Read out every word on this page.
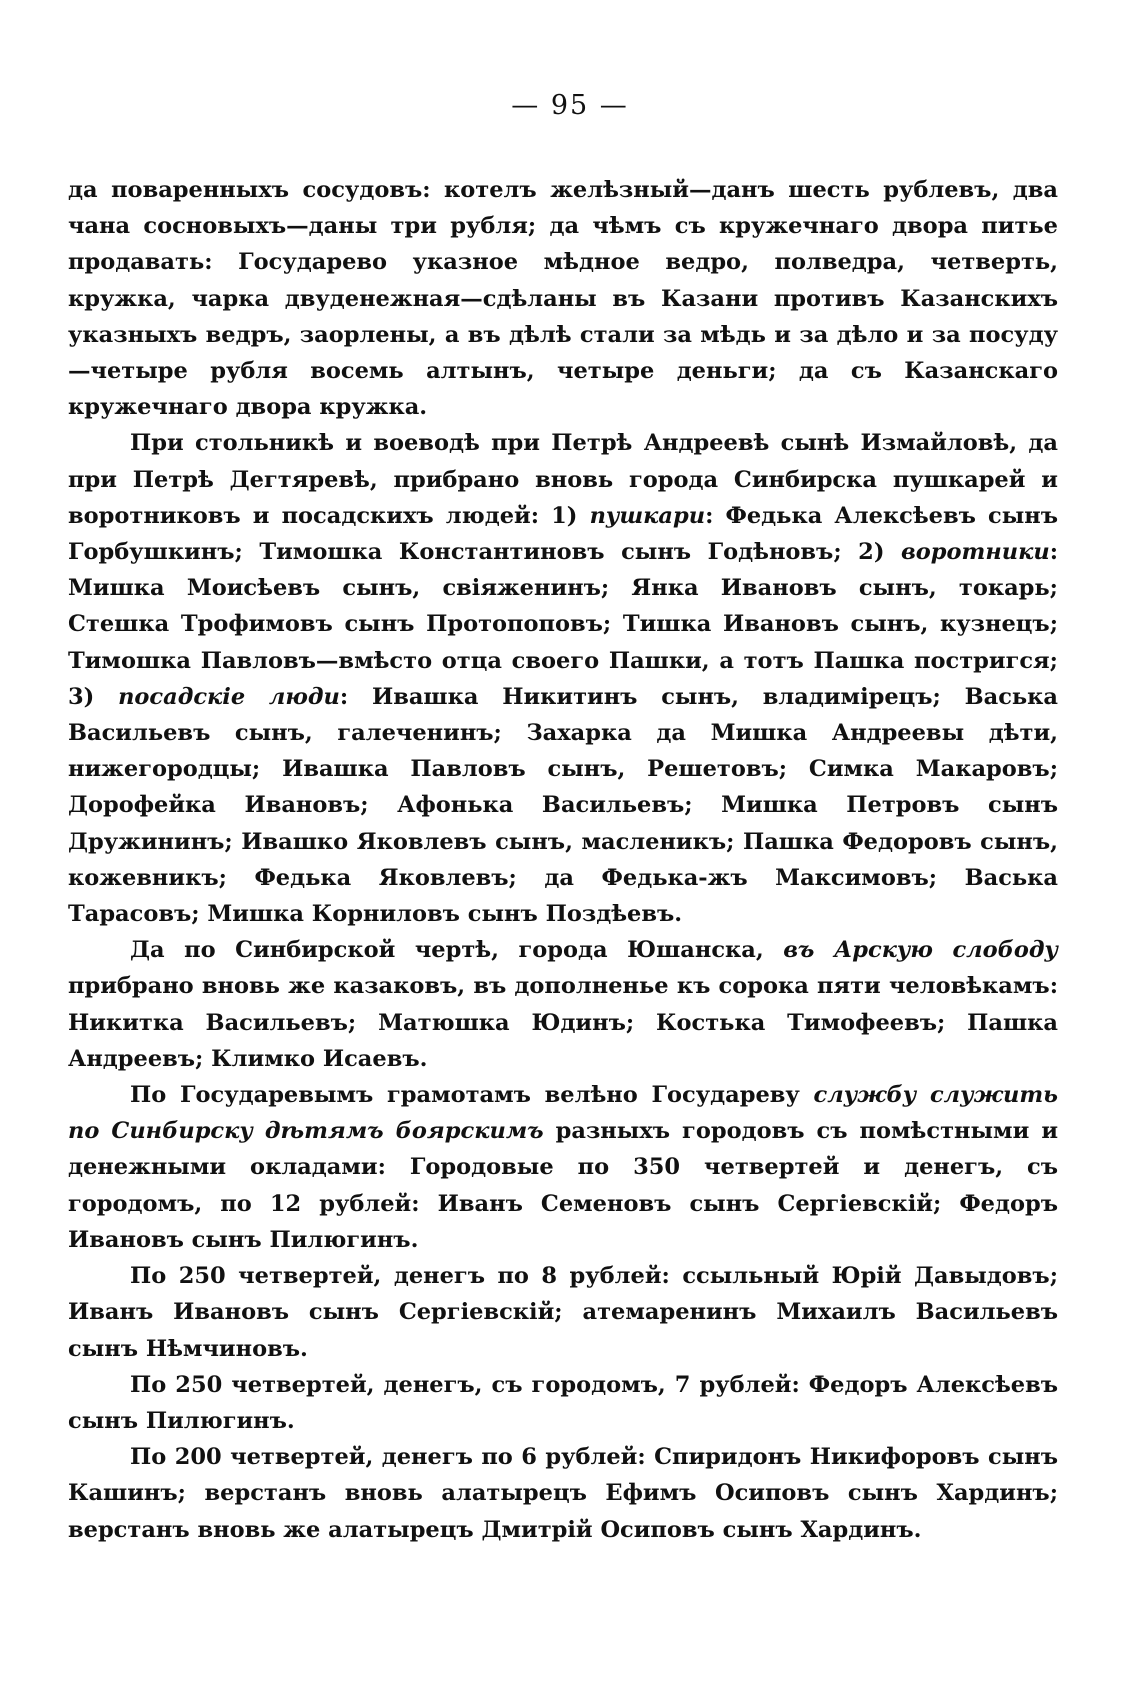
— 95 —

да поваренныхъ сосудовъ: котелъ желѣзный—данъ шесть рублевъ, два чана сосновыхъ—даны три рубля; да чѣмъ съ кружечнаго двора питье продавать: Государево указное мѣдное ведро, полведра, четверть, кружка, чарка двуденежная—сдѣланы въ Казани противъ Казанскихъ указныхъ ведръ, заорлены, а въ дѣлѣ стали за мѣдь и за дѣло и за посуду—четыре рубля восемь алтынъ, четыре деньги; да съ Казанскаго кружечнаго двора кружка.

При стольникѣ и воеводѣ при Петрѣ Андреевѣ сынѣ Измайловѣ, да при Петрѣ Дегтяревѣ, прибрано вновь города Синбирска пушкарей и воротниковъ и посадскихъ людей: 1) пушкари: Федька Алексѣевъ сынъ Горбушкинъ; Тимошка Константиновъ сынъ Годѣновъ; 2) воротники: Мишка Моисѣевъ сынъ, свіяженинъ; Янка Ивановъ сынъ, токарь; Стешка Трофимовъ сынъ Протопоповъ; Тишка Ивановъ сынъ, кузнецъ; Тимошка Павловъ—вмѣсто отца своего Пашки, а тотъ Пашка постригся; 3) посадскіе люди: Ивашка Никитинъ сынъ, владимірецъ; Васька Васильевъ сынъ, галеченинъ; Захарка да Мишка Андреевы дѣти, нижегородцы; Ивашка Павловъ сынъ, Решетовъ; Симка Макаровъ; Дорофейка Ивановъ; Афонька Васильевъ; Мишка Петровъ сынъ Дружининъ; Ивашко Яковлевъ сынъ, масленикъ; Пашка Федоровъ сынъ, кожевникъ; Федька Яковлевъ; да Федька-жъ Максимовъ; Васька Тарасовъ; Мишка Корниловъ сынъ Поздѣевъ.

Да по Синбирской чертѣ, города Юшанска, въ Арскую слободу прибрано вновь же казаковъ, въ дополненье къ сорока пяти человѣкамъ: Никитка Васильевъ; Матюшка Юдинъ; Костька Тимофеевъ; Пашка Андреевъ; Климко Исаевъ.

По Государевымъ грамотамъ велѣно Государеву службу служить по Синбирску дѣтямъ боярскимъ разныхъ городовъ съ помѣстными и денежными окладами: Городовые по 350 четвертей и денегъ, съ городомъ, по 12 рублей: Иванъ Семеновъ сынъ Сергіевскій; Федоръ Ивановъ сынъ Пилюгинъ.

По 250 четвертей, денегъ по 8 рублей: ссыльный Юрій Давыдовъ; Иванъ Ивановъ сынъ Сергіевскій; атемаренинъ Михаилъ Васильевъ сынъ Нѣмчиновъ.

По 250 четвертей, денегъ, съ городомъ, 7 рублей: Федоръ Алексѣевъ сынъ Пилюгинъ.

По 200 четвертей, денегъ по 6 рублей: Спиридонъ Никифоровъ сынъ Кашинъ; верстанъ вновь алатырецъ Ефимъ Осиповъ сынъ Хардинъ; верстанъ вновь же алатырецъ Дмитрій Осиповъ сынъ Хардинъ.
